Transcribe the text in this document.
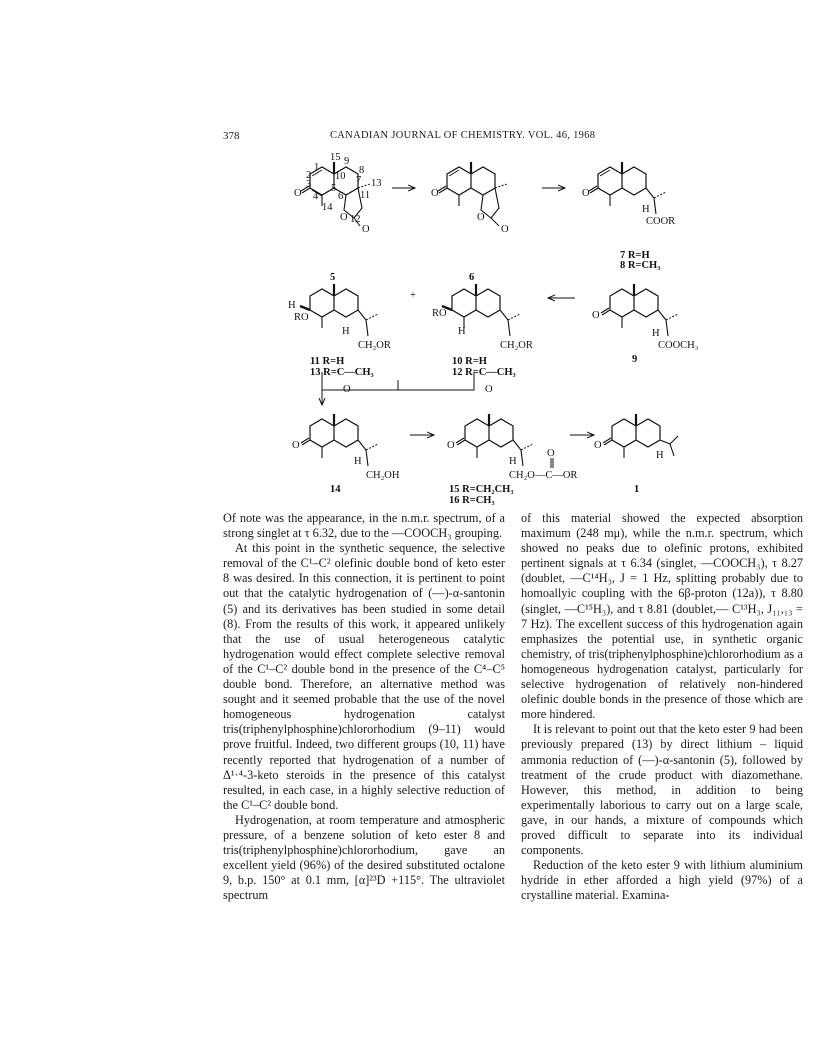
378	CANADIAN JOURNAL OF CHEMISTRY. VOL. 46, 1968
O
15 9
1
2
3
4
14
5
6
7
8
10
11
12
13
O
O
5
O
O
O
6
O
H
COOR
7 R=H
8 R=CH₃
H
RO
H
CH₂OR
11 R=H
13 R=C—CH₃
O
+
RO
H
CH₂OR
10 R=H
12 R=C—CH₃
O
O
H
COOCH₃
9
O
H
CH₂OH
14
O
O
H
CH₂O—C—OR
15 R=CH₂CH₃
16 R=CH₃
O
H
1

Of note was the appearance, in the n.m.r. spectrum, of a strong singlet at τ 6.32, due to the —COOCH₃ grouping.

At this point in the synthetic sequence, the selective removal of the C¹–C² olefinic double bond of keto ester 8 was desired. In this connection, it is pertinent to point out that the catalytic hydrogenation of (—)-α-santonin (5) and its derivatives has been studied in some detail (8). From the results of this work, it appeared unlikely that the use of usual heterogeneous catalytic hydrogenation would effect complete selective removal of the C¹–C² double bond in the presence of the C⁴–C⁵ double bond. Therefore, an alternative method was sought and it seemed probable that the use of the novel homogeneous hydrogenation catalyst tris(triphenylphosphine)chlororhodium (9–11) would prove fruitful. Indeed, two different groups (10, 11) have recently reported that hydrogenation of a number of Δ¹·⁴-3-keto steroids in the presence of this catalyst resulted, in each case, in a highly selective reduction of the C¹–C² double bond.

Hydrogenation, at room temperature and atmospheric pressure, of a benzene solution of keto ester 8 and tris(triphenylphosphine)chlororhodium, gave an excellent yield (96%) of the desired substituted octalone 9, b.p. 150° at 0.1 mm, [α]²³D +115°. The ultraviolet spectrum

of this material showed the expected absorption maximum (248 mμ), while the n.m.r. spectrum, which showed no peaks due to olefinic protons, exhibited pertinent signals at τ 6.34 (singlet, —COOCH₃), τ 8.27 (doublet, —C¹⁴H₃, J = 1 Hz, splitting probably due to homoallyic coupling with the 6β-proton (12a)), τ 8.80 (singlet, —C¹⁵H₃), and τ 8.81 (doublet,— C¹³H₃, J₁₁,₁₃ = 7 Hz). The excellent success of this hydrogenation again emphasizes the potential use, in synthetic organic chemistry, of tris(triphenylphosphine)chlororhodium as a homogeneous hydrogenation catalyst, particularly for selective hydrogenation of relatively non-hindered olefinic double bonds in the presence of those which are more hindered.

It is relevant to point out that the keto ester 9 had been previously prepared (13) by direct lithium – liquid ammonia reduction of (—)-α-santonin (5), followed by treatment of the crude product with diazomethane. However, this method, in addition to being experimentally laborious to carry out on a large scale, gave, in our hands, a mixture of compounds which proved difficult to separate into its individual components.

Reduction of the keto ester 9 with lithium aluminium hydride in ether afforded a high yield (97%) of a crystalline material. Examina-
